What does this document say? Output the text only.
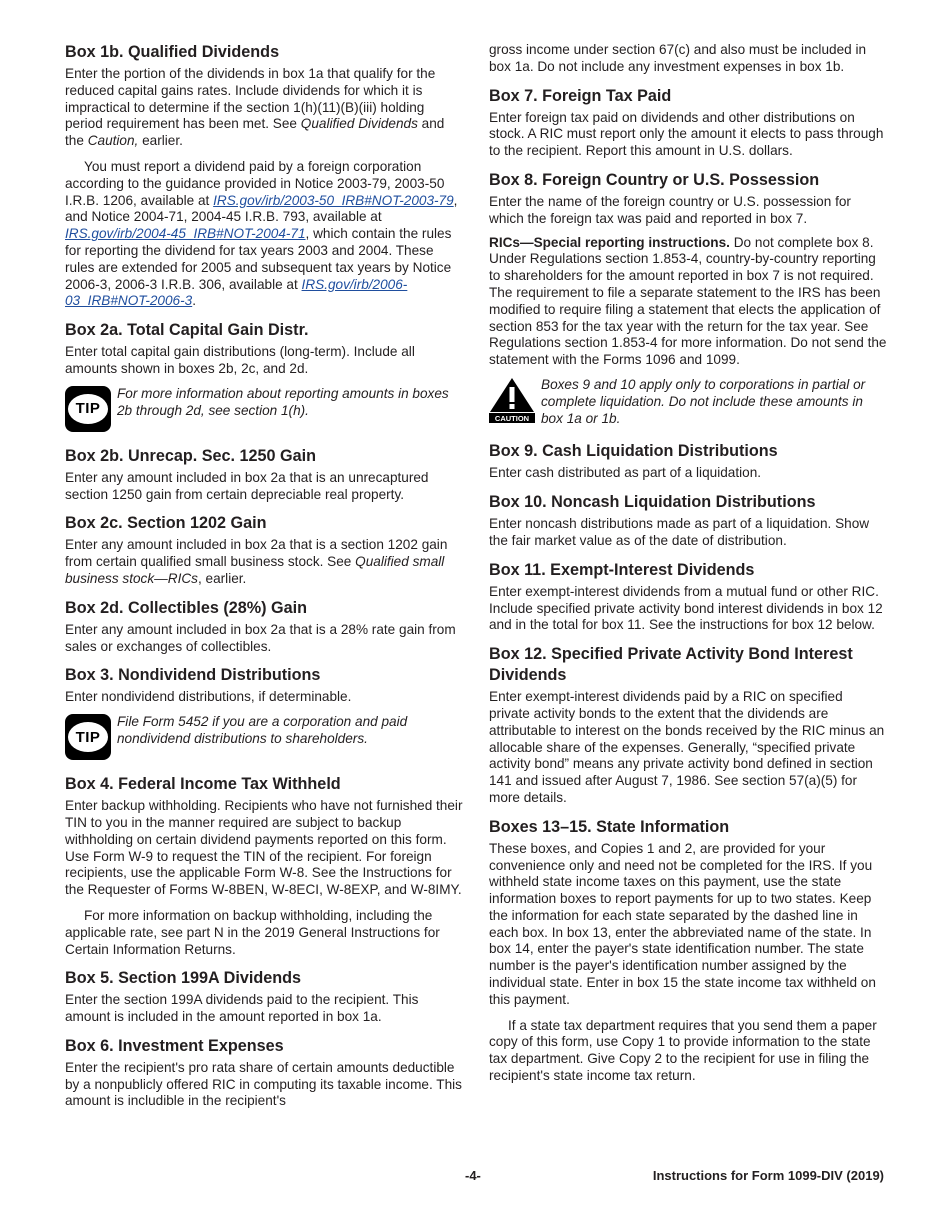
Box 1b. Qualified Dividends

Enter the portion of the dividends in box 1a that qualify for the reduced capital gains rates. Include dividends for which it is impractical to determine if the section 1(h)(11)(B)(iii) holding period requirement has been met. See Qualified Dividends and the Caution, earlier.

You must report a dividend paid by a foreign corporation according to the guidance provided in Notice 2003-79, 2003-50 I.R.B. 1206, available at IRS.gov/irb/2003-50_IRB#NOT-2003-79, and Notice 2004-71, 2004-45 I.R.B. 793, available at IRS.gov/irb/2004-45_IRB#NOT-2004-71, which contain the rules for reporting the dividend for tax years 2003 and 2004. These rules are extended for 2005 and subsequent tax years by Notice 2006-3, 2006-3 I.R.B. 306, available at IRS.gov/irb/2006-03_IRB#NOT-2006-3.

Box 2a. Total Capital Gain Distr.

Enter total capital gain distributions (long-term). Include all amounts shown in boxes 2b, 2c, and 2d.

TIP

For more information about reporting amounts in boxes 2b through 2d, see section 1(h).

Box 2b. Unrecap. Sec. 1250 Gain

Enter any amount included in box 2a that is an unrecaptured section 1250 gain from certain depreciable real property.

Box 2c. Section 1202 Gain

Enter any amount included in box 2a that is a section 1202 gain from certain qualified small business stock. See Qualified small business stock—RICs, earlier.

Box 2d. Collectibles (28%) Gain

Enter any amount included in box 2a that is a 28% rate gain from sales or exchanges of collectibles.

Box 3. Nondividend Distributions

Enter nondividend distributions, if determinable.

TIP

File Form 5452 if you are a corporation and paid nondividend distributions to shareholders.

Box 4. Federal Income Tax Withheld

Enter backup withholding. Recipients who have not furnished their TIN to you in the manner required are subject to backup withholding on certain dividend payments reported on this form. Use Form W-9 to request the TIN of the recipient. For foreign recipients, use the applicable Form W-8. See the Instructions for the Requester of Forms W-8BEN, W-8ECI, W-8EXP, and W-8IMY.

For more information on backup withholding, including the applicable rate, see part N in the 2019 General Instructions for Certain Information Returns.

Box 5. Section 199A Dividends

Enter the section 199A dividends paid to the recipient. This amount is included in the amount reported in box 1a.

Box 6. Investment Expenses

Enter the recipient's pro rata share of certain amounts deductible by a nonpublicly offered RIC in computing its taxable income. This amount is includible in the recipient's

gross income under section 67(c) and also must be included in box 1a. Do not include any investment expenses in box 1b.

Box 7. Foreign Tax Paid

Enter foreign tax paid on dividends and other distributions on stock. A RIC must report only the amount it elects to pass through to the recipient. Report this amount in U.S. dollars.

Box 8. Foreign Country or U.S. Possession

Enter the name of the foreign country or U.S. possession for which the foreign tax was paid and reported in box 7.

RICs—Special reporting instructions. Do not complete box 8. Under Regulations section 1.853-4, country-by-country reporting to shareholders for the amount reported in box 7 is not required. The requirement to file a separate statement to the IRS has been modified to require filing a statement that elects the application of section 853 for the tax year with the return for the tax year. See Regulations section 1.853-4 for more information. Do not send the statement with the Forms 1096 and 1099.

CAUTION

Boxes 9 and 10 apply only to corporations in partial or complete liquidation. Do not include these amounts in box 1a or 1b.

Box 9. Cash Liquidation Distributions

Enter cash distributed as part of a liquidation.

Box 10. Noncash Liquidation Distributions

Enter noncash distributions made as part of a liquidation. Show the fair market value as of the date of distribution.

Box 11. Exempt-Interest Dividends

Enter exempt-interest dividends from a mutual fund or other RIC. Include specified private activity bond interest dividends in box 12 and in the total for box 11. See the instructions for box 12 below.

Box 12. Specified Private Activity Bond Interest Dividends

Enter exempt-interest dividends paid by a RIC on specified private activity bonds to the extent that the dividends are attributable to interest on the bonds received by the RIC minus an allocable share of the expenses. Generally, “specified private activity bond” means any private activity bond defined in section 141 and issued after August 7, 1986. See section 57(a)(5) for more details.

Boxes 13–15. State Information

These boxes, and Copies 1 and 2, are provided for your convenience only and need not be completed for the IRS. If you withheld state income taxes on this payment, use the state information boxes to report payments for up to two states. Keep the information for each state separated by the dashed line in each box. In box 13, enter the abbreviated name of the state. In box 14, enter the payer's state identification number. The state number is the payer's identification number assigned by the individual state. Enter in box 15 the state income tax withheld on this payment.

If a state tax department requires that you send them a paper copy of this form, use Copy 1 to provide information to the state tax department. Give Copy 2 to the recipient for use in filing the recipient's state income tax return.

-4-	Instructions for Form 1099-DIV (2019)
